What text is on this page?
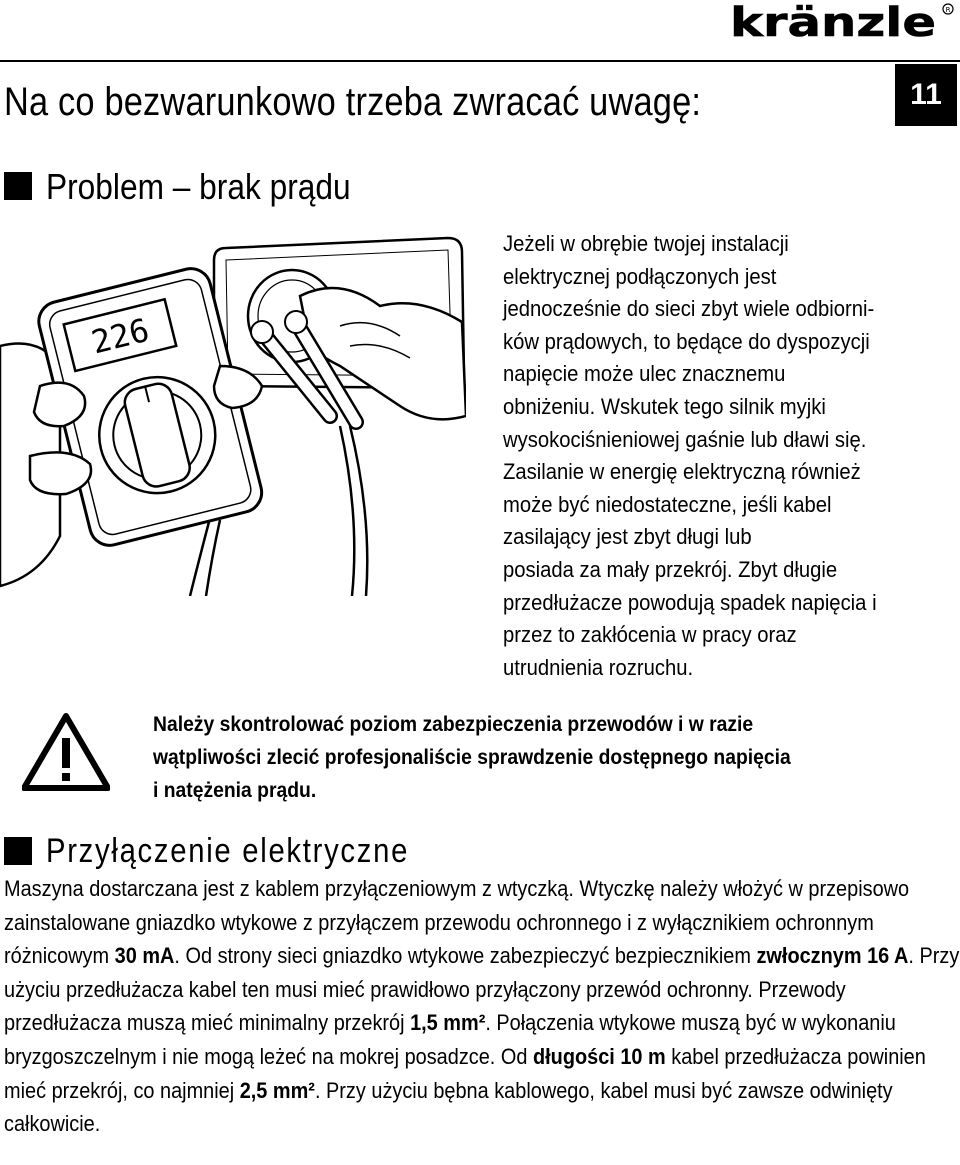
kränzle R
Na co bezwarunkowo trzeba zwracać uwagę:	11
Problem – brak prądu
226

Jeżeli w obrębie twojej instalacji
elektrycznej podłączonych jest
jednocześnie do sieci zbyt wiele odbiorni-
ków prądowych, to będące do dyspozycji
napięcie może ulec znacznemu
obniżeniu. Wskutek tego silnik myjki
wysokociśnieniowej gaśnie lub dławi się.
Zasilanie w energię elektryczną również
może być niedostateczne, jeśli kabel
zasilający jest zbyt długi lub
posiada za mały przekrój. Zbyt długie
przedłużacze powodują spadek napięcia i
przez to zakłócenia w pracy oraz
utrudnienia rozruchu.

Należy skontrolować poziom zabezpieczenia przewodów i w razie
wątpliwości zlecić profesjonaliście sprawdzenie dostępnego napięcia
i natężenia prądu.

Przyłączenie elektryczne

Maszyna dostarczana jest z kablem przyłączeniowym z wtyczką. Wtyczkę należy włożyć w przepisowo zainstalowane gniazdko wtykowe z przyłączem przewodu ochronnego i z wyłącznikiem ochronnym różnicowym 30 mA. Od strony sieci gniazdko wtykowe zabezpieczyć bezpiecznikiem zwłocznym 16 A. Przy użyciu przedłużacza kabel ten musi mieć prawidłowo przyłączony przewód ochronny. Przewody przedłużacza muszą mieć minimalny przekrój 1,5 mm². Połączenia wtykowe muszą być w wykonaniu bryzgoszczelnym i nie mogą leżeć na mokrej posadzce. Od długości 10 m kabel przedłużacza powinien mieć przekrój, co najmniej 2,5 mm². Przy użyciu bębna kablowego, kabel musi być zawsze odwinięty całkowicie.
